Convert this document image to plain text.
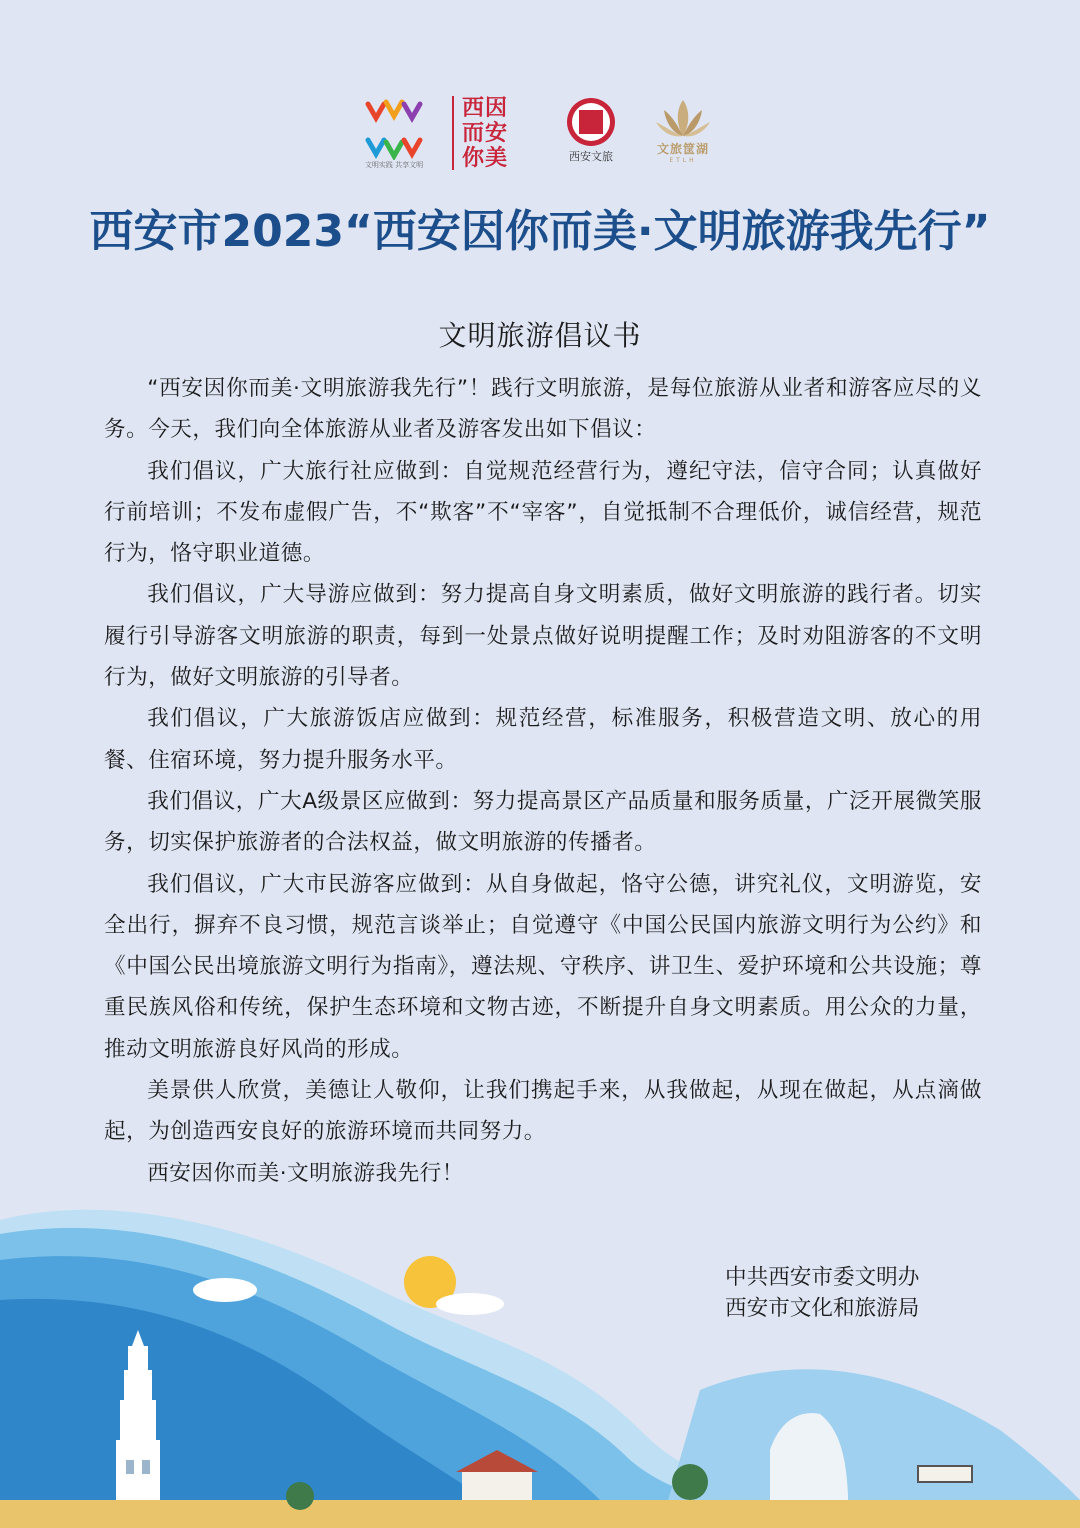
文明实践 共享文明
西因而安你美	西安文旅
文旅筐湖
ETLH
西安市2023“西安因你而美·文明旅游我先行”
文明旅游倡议书

“西安因你而美·文明旅游我先行”！践行文明旅游，是每位旅游从业者和游客应尽的义务。今天，我们向全体旅游从业者及游客发出如下倡议：

我们倡议，广大旅行社应做到：自觉规范经营行为，遵纪守法，信守合同；认真做好行前培训；不发布虚假广告，不“欺客”不“宰客”，自觉抵制不合理低价，诚信经营，规范行为，恪守职业道德。

我们倡议，广大导游应做到：努力提高自身文明素质，做好文明旅游的践行者。切实履行引导游客文明旅游的职责，每到一处景点做好说明提醒工作；及时劝阻游客的不文明行为，做好文明旅游的引导者。

我们倡议，广大旅游饭店应做到：规范经营，标准服务，积极营造文明、放心的用餐、住宿环境，努力提升服务水平。

我们倡议，广大A级景区应做到：努力提高景区产品质量和服务质量，广泛开展微笑服务，切实保护旅游者的合法权益，做文明旅游的传播者。

我们倡议，广大市民游客应做到：从自身做起，恪守公德，讲究礼仪，文明游览，安全出行，摒弃不良习惯，规范言谈举止；自觉遵守《中国公民国内旅游文明行为公约》和《中国公民出境旅游文明行为指南》，遵法规、守秩序、讲卫生、爱护环境和公共设施；尊重民族风俗和传统，保护生态环境和文物古迹，不断提升自身文明素质。用公众的力量，推动文明旅游良好风尚的形成。

美景供人欣赏，美德让人敬仰，让我们携起手来，从我做起，从现在做起，从点滴做起，为创造西安良好的旅游环境而共同努力。

西安因你而美·文明旅游我先行！

中共西安市委文明办
西安市文化和旅游局
